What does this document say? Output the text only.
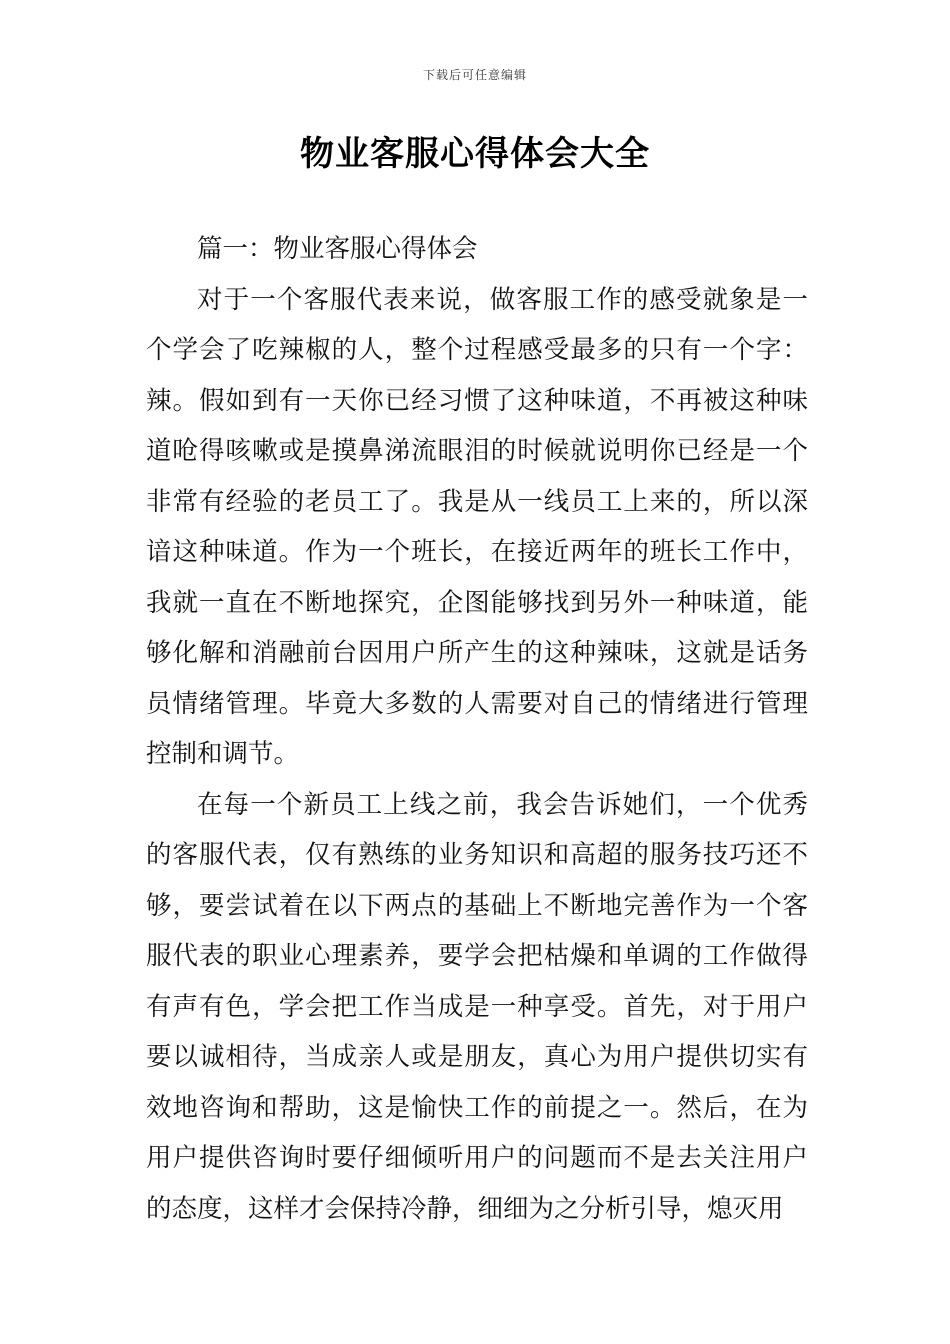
下载后可任意编辑
物业客服心得体会大全
篇一：物业客服心得体会

对于一个客服代表来说，做客服工作的感受就象是一个学会了吃辣椒的人，整个过程感受最多的只有一个字：辣。假如到有一天你已经习惯了这种味道，不再被这种味道呛得咳嗽或是摸鼻涕流眼泪的时候就说明你已经是一个非常有经验的老员工了。我是从一线员工上来的，所以深谙这种味道。作为一个班长，在接近两年的班长工作中，我就一直在不断地探究，企图能够找到另外一种味道，能够化解和消融前台因用户所产生的这种辣味，这就是话务员情绪管理。毕竟大多数的人需要对自己的情绪进行管理控制和调节。

在每一个新员工上线之前，我会告诉她们，一个优秀的客服代表，仅有熟练的业务知识和高超的服务技巧还不够，要尝试着在以下两点的基础上不断地完善作为一个客服代表的职业心理素养，要学会把枯燥和单调的工作做得有声有色，学会把工作当成是一种享受。首先，对于用户要以诚相待，当成亲人或是朋友，真心为用户提供切实有效地咨询和帮助，这是愉快工作的前提之一。然后，在为用户提供咨询时要仔细倾听用户的问题而不是去关注用户的态度，这样才会保持冷静，细细为之分析引导，熄灭用
